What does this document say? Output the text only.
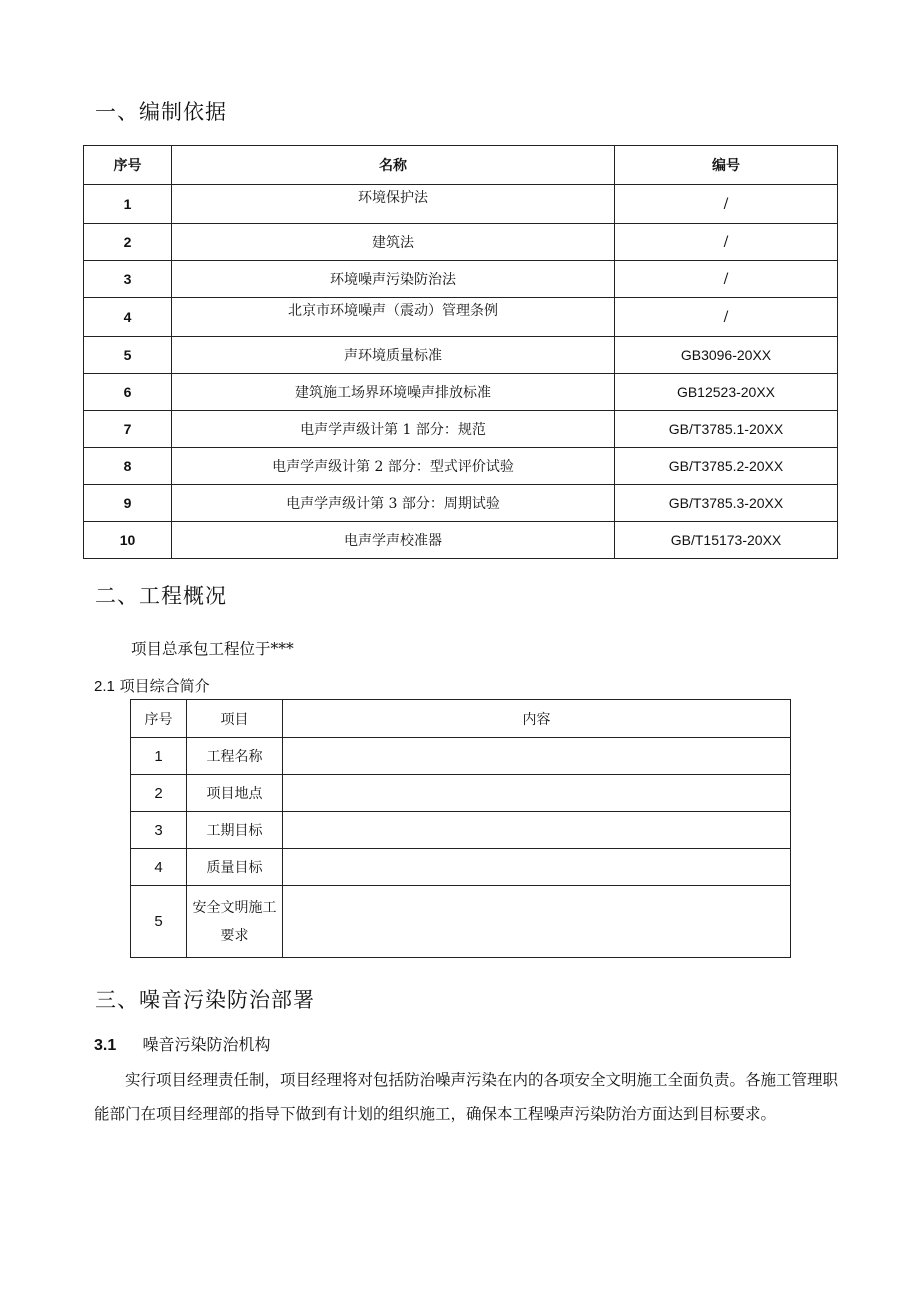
一、编制依据
序号	名称	编号
1	环境保护法	/
2	建筑法	/
3	环境噪声污染防治法	/
4	北京市环境噪声（震动）管理条例	/
5	声环境质量标准	GB3096-20XX
6	建筑施工场界环境噪声排放标准	GB12523-20XX
7	电声学声级计第 1 部分：规范	GB/T3785.1-20XX
8	电声学声级计第 2 部分：型式评价试验	GB/T3785.2-20XX
9	电声学声级计第 3 部分：周期试验	GB/T3785.3-20XX
10	电声学声校准器	GB/T15173-20XX
二、工程概况

项目总承包工程位于***

2.1 项目综合简介

序号	项目	内容
1	工程名称	
2	项目地点	
3	工期目标	
4	质量目标	
5	安全文明施工要求	
三、噪音污染防治部署

3.1 噪音污染防治机构

实行项目经理责任制，项目经理将对包括防治噪声污染在内的各项安全文明施工全面负责。各施工管理职能部门在项目经理部的指导下做到有计划的组织施工，确保本工程噪声污染防治方面达到目标要求。
